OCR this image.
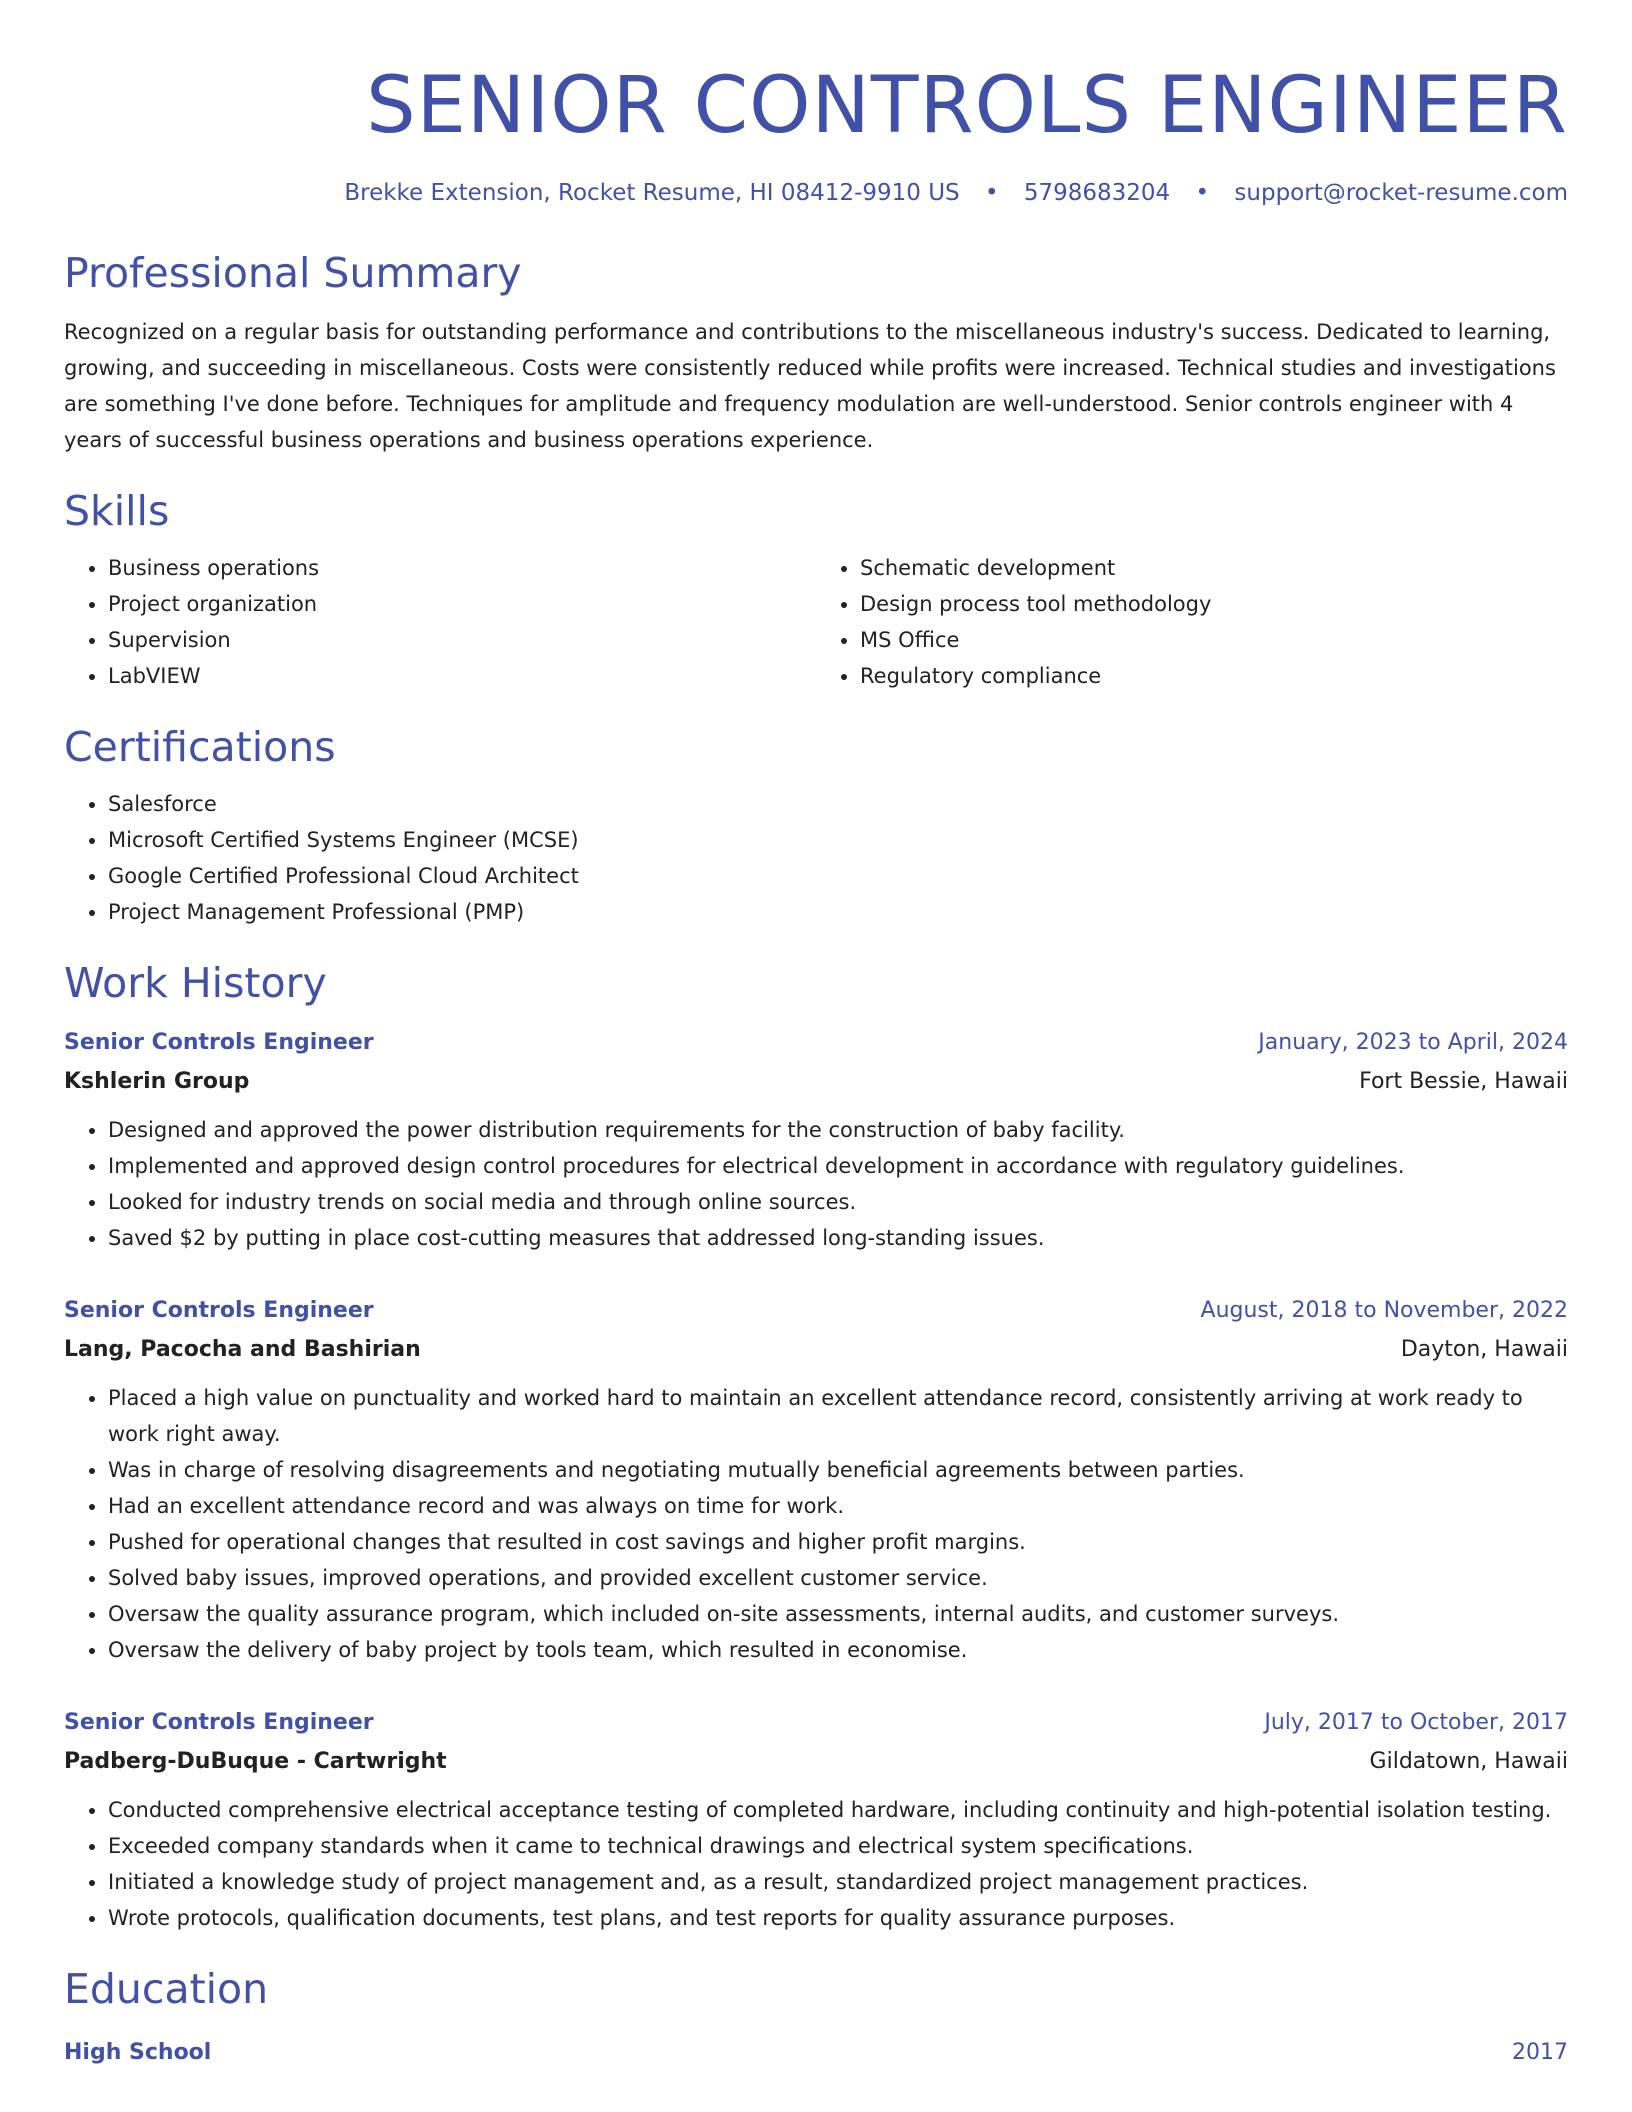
SENIOR CONTROLS ENGINEER
Brekke Extension, Rocket Resume, HI 08412-9910 US • 5798683204 • support@rocket-resume.com
Professional Summary
Recognized on a regular basis for outstanding performance and contributions to the miscellaneous industry's success. Dedicated to learning, growing, and succeeding in miscellaneous. Costs were consistently reduced while profits were increased. Technical studies and investigations are something I've done before. Techniques for amplitude and frequency modulation are well-understood. Senior controls engineer with 4 years of successful business operations and business operations experience.
Skills
• Business operations
• Project organization
• Supervision
• LabVIEW
• Schematic development
• Design process tool methodology
• MS Office
• Regulatory compliance
Certifications
• Salesforce
• Microsoft Certified Systems Engineer (MCSE)
• Google Certified Professional Cloud Architect
• Project Management Professional (PMP)
Work History
Senior Controls Engineer	January, 2023 to April, 2024
Kshlerin Group	Fort Bessie, Hawaii
• Designed and approved the power distribution requirements for the construction of baby facility.
• Implemented and approved design control procedures for electrical development in accordance with regulatory guidelines.
• Looked for industry trends on social media and through online sources.
• Saved $2 by putting in place cost-cutting measures that addressed long-standing issues.
Senior Controls Engineer	August, 2018 to November, 2022
Lang, Pacocha and Bashirian	Dayton, Hawaii
• Placed a high value on punctuality and worked hard to maintain an excellent attendance record, consistently arriving at work ready to work right away.
• Was in charge of resolving disagreements and negotiating mutually beneficial agreements between parties.
• Had an excellent attendance record and was always on time for work.
• Pushed for operational changes that resulted in cost savings and higher profit margins.
• Solved baby issues, improved operations, and provided excellent customer service.
• Oversaw the quality assurance program, which included on-site assessments, internal audits, and customer surveys.
• Oversaw the delivery of baby project by tools team, which resulted in economise.
Senior Controls Engineer	July, 2017 to October, 2017
Padberg-DuBuque - Cartwright	Gildatown, Hawaii
• Conducted comprehensive electrical acceptance testing of completed hardware, including continuity and high-potential isolation testing.
• Exceeded company standards when it came to technical drawings and electrical system specifications.
• Initiated a knowledge study of project management and, as a result, standardized project management practices.
• Wrote protocols, qualification documents, test plans, and test reports for quality assurance purposes.
Education
High School	2017
